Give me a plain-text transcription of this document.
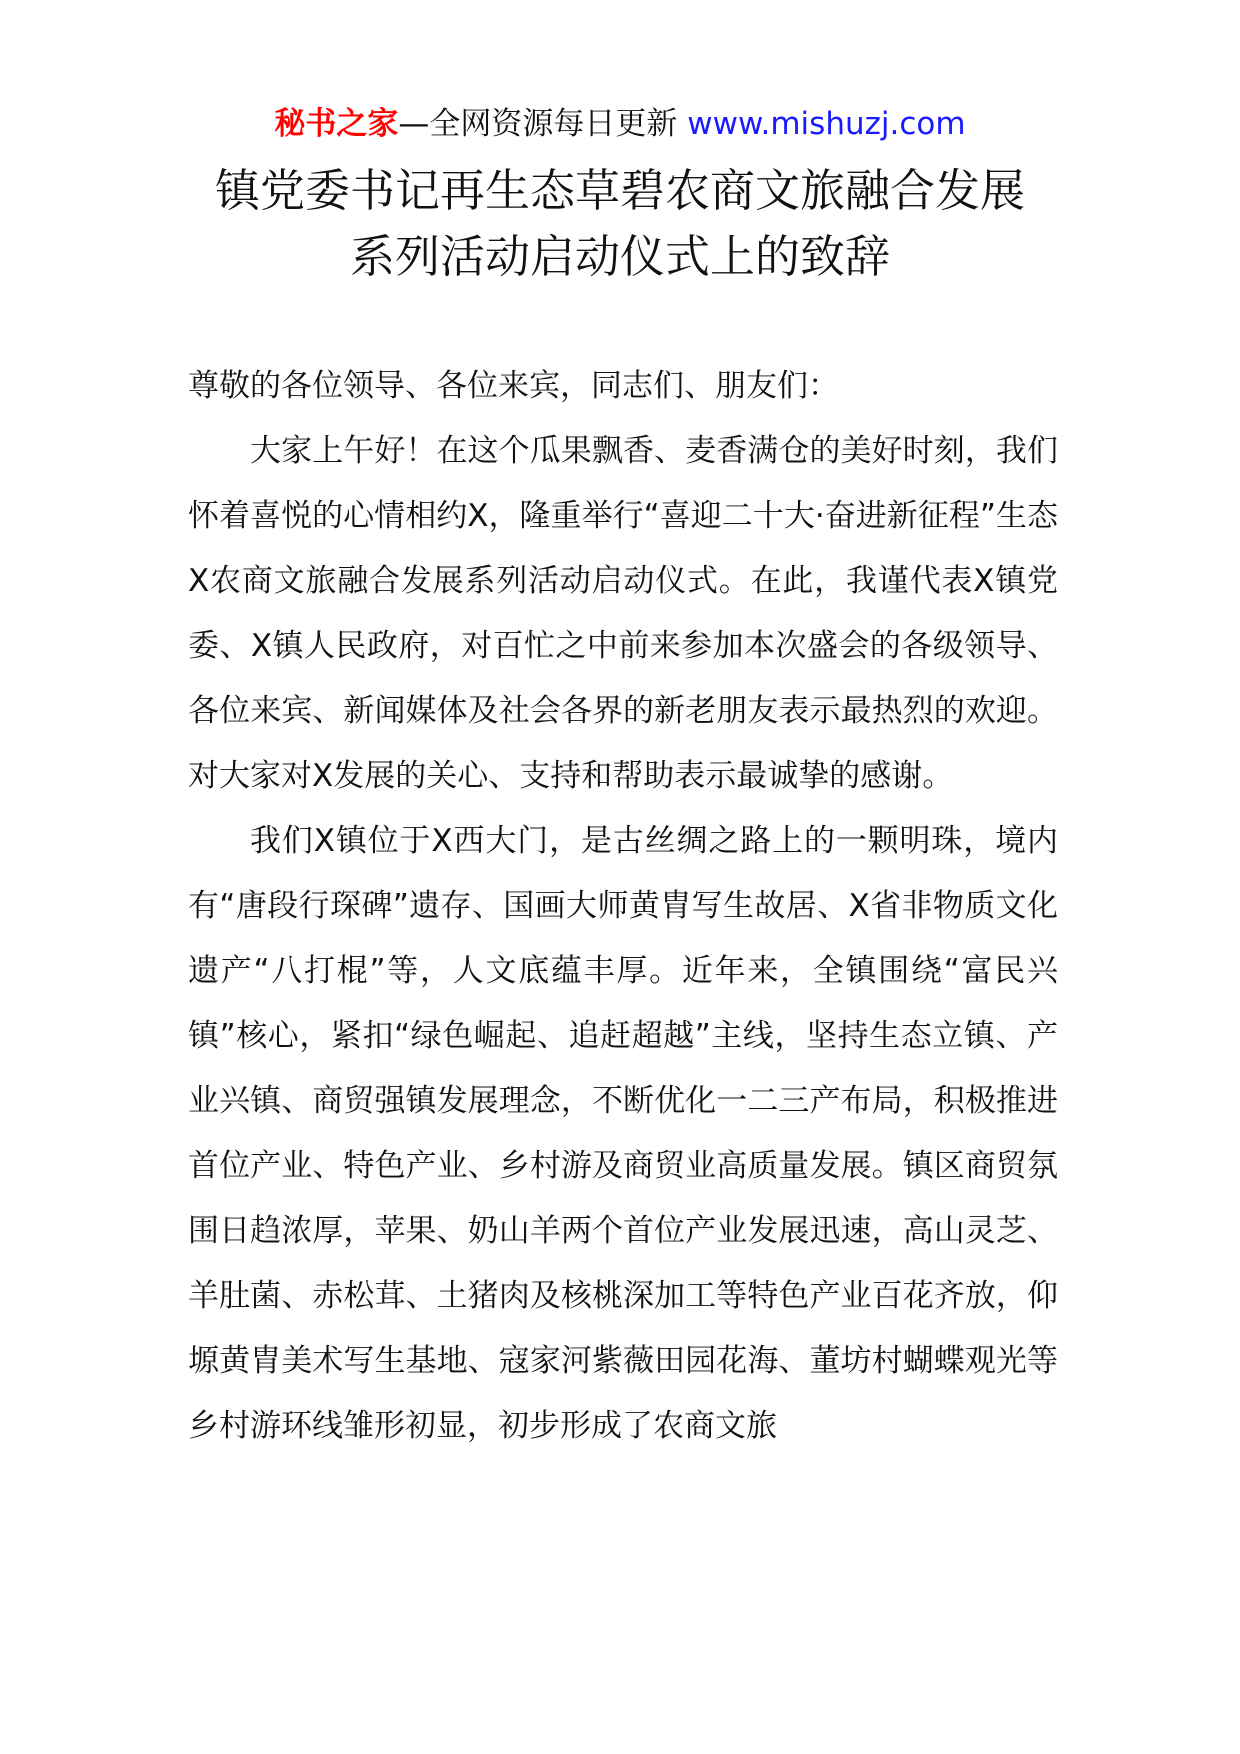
秘书之家—全网资源每日更新 www.mishuzj.com
镇党委书记再生态草碧农商文旅融合发展
系列活动启动仪式上的致辞

尊敬的各位领导、各位来宾，同志们、朋友们：

大家上午好！在这个瓜果飘香、麦香满仓的美好时刻，我们怀着喜悦的心情相约X，隆重举行“喜迎二十大·奋进新征程”生态X农商文旅融合发展系列活动启动仪式。在此，我谨代表X镇党委、X镇人民政府，对百忙之中前来参加本次盛会的各级领导、各位来宾、新闻媒体及社会各界的新老朋友表示最热烈的欢迎。对大家对X发展的关心、支持和帮助表示最诚挚的感谢。

我们X镇位于X西大门，是古丝绸之路上的一颗明珠，境内有“唐段行琛碑”遗存、国画大师黄胄写生故居、X省非物质文化遗产“八打棍”等，人文底蕴丰厚。近年来，全镇围绕“富民兴镇”核心，紧扣“绿色崛起、追赶超越”主线，坚持生态立镇、产业兴镇、商贸强镇发展理念，不断优化一二三产布局，积极推进首位产业、特色产业、乡村游及商贸业高质量发展。镇区商贸氛围日趋浓厚，苹果、奶山羊两个首位产业发展迅速，高山灵芝、羊肚菌、赤松茸、土猪肉及核桃深加工等特色产业百花齐放，仰塬黄胄美术写生基地、寇家河紫薇田园花海、董坊村蝴蝶观光等乡村游环线雏形初显，初步形成了农商文旅
